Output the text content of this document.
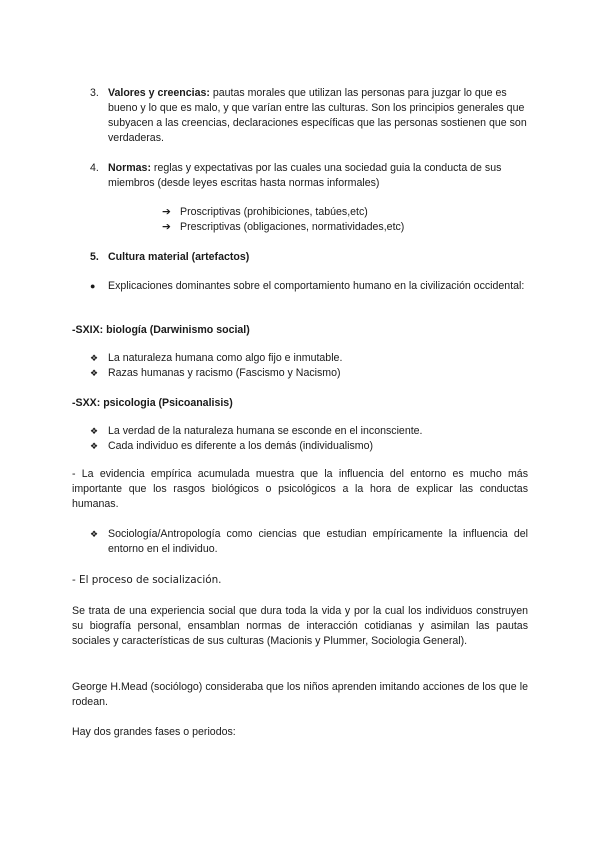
3. Valores y creencias: pautas morales que utilizan las personas para juzgar lo que es bueno y lo que es malo, y que varían entre las culturas. Son los principios generales que subyacen a las creencias, declaraciones específicas que las personas sostienen que son verdaderas.

4. Normas: reglas y expectativas por las cuales una sociedad guia la conducta de sus miembros (desde leyes escritas hasta normas informales)

➔ Proscriptivas (prohibiciones, tabúes,etc)
➔ Prescriptivas (obligaciones, normatividades,etc)
5. Cultura material (artefactos)
●	Explicaciones dominantes sobre el comportamiento humano en la civilización occidental:

-SXIX: biología (Darwinismo social)
❖ La naturaleza humana como algo fijo e inmutable.

❖ Razas humanas y racismo (Fascismo y Nacismo)

-SXX: psicologia (Psicoanalisis)
❖ La verdad de la naturaleza humana se esconde en el inconsciente.

❖ Cada individuo es diferente a los demás (individualismo)

- La evidencia empírica acumulada muestra que la influencia del entorno es mucho más importante que los rasgos biológicos o psicológicos a la hora de explicar las conductas humanas.

❖ Sociología/Antropología como ciencias que estudian empíricamente la influencia del entorno en el individuo.

- El proceso de socialización.

Se trata de una experiencia social que dura toda la vida y por la cual los individuos construyen su biografía personal, ensamblan normas de interacción cotidianas y asimilan las pautas sociales y características de sus culturas (Macionis y Plummer, Sociologia General).

George H.Mead (sociólogo) consideraba que los niños aprenden imitando acciones de los que le rodean.

Hay dos grandes fases o periodos:
